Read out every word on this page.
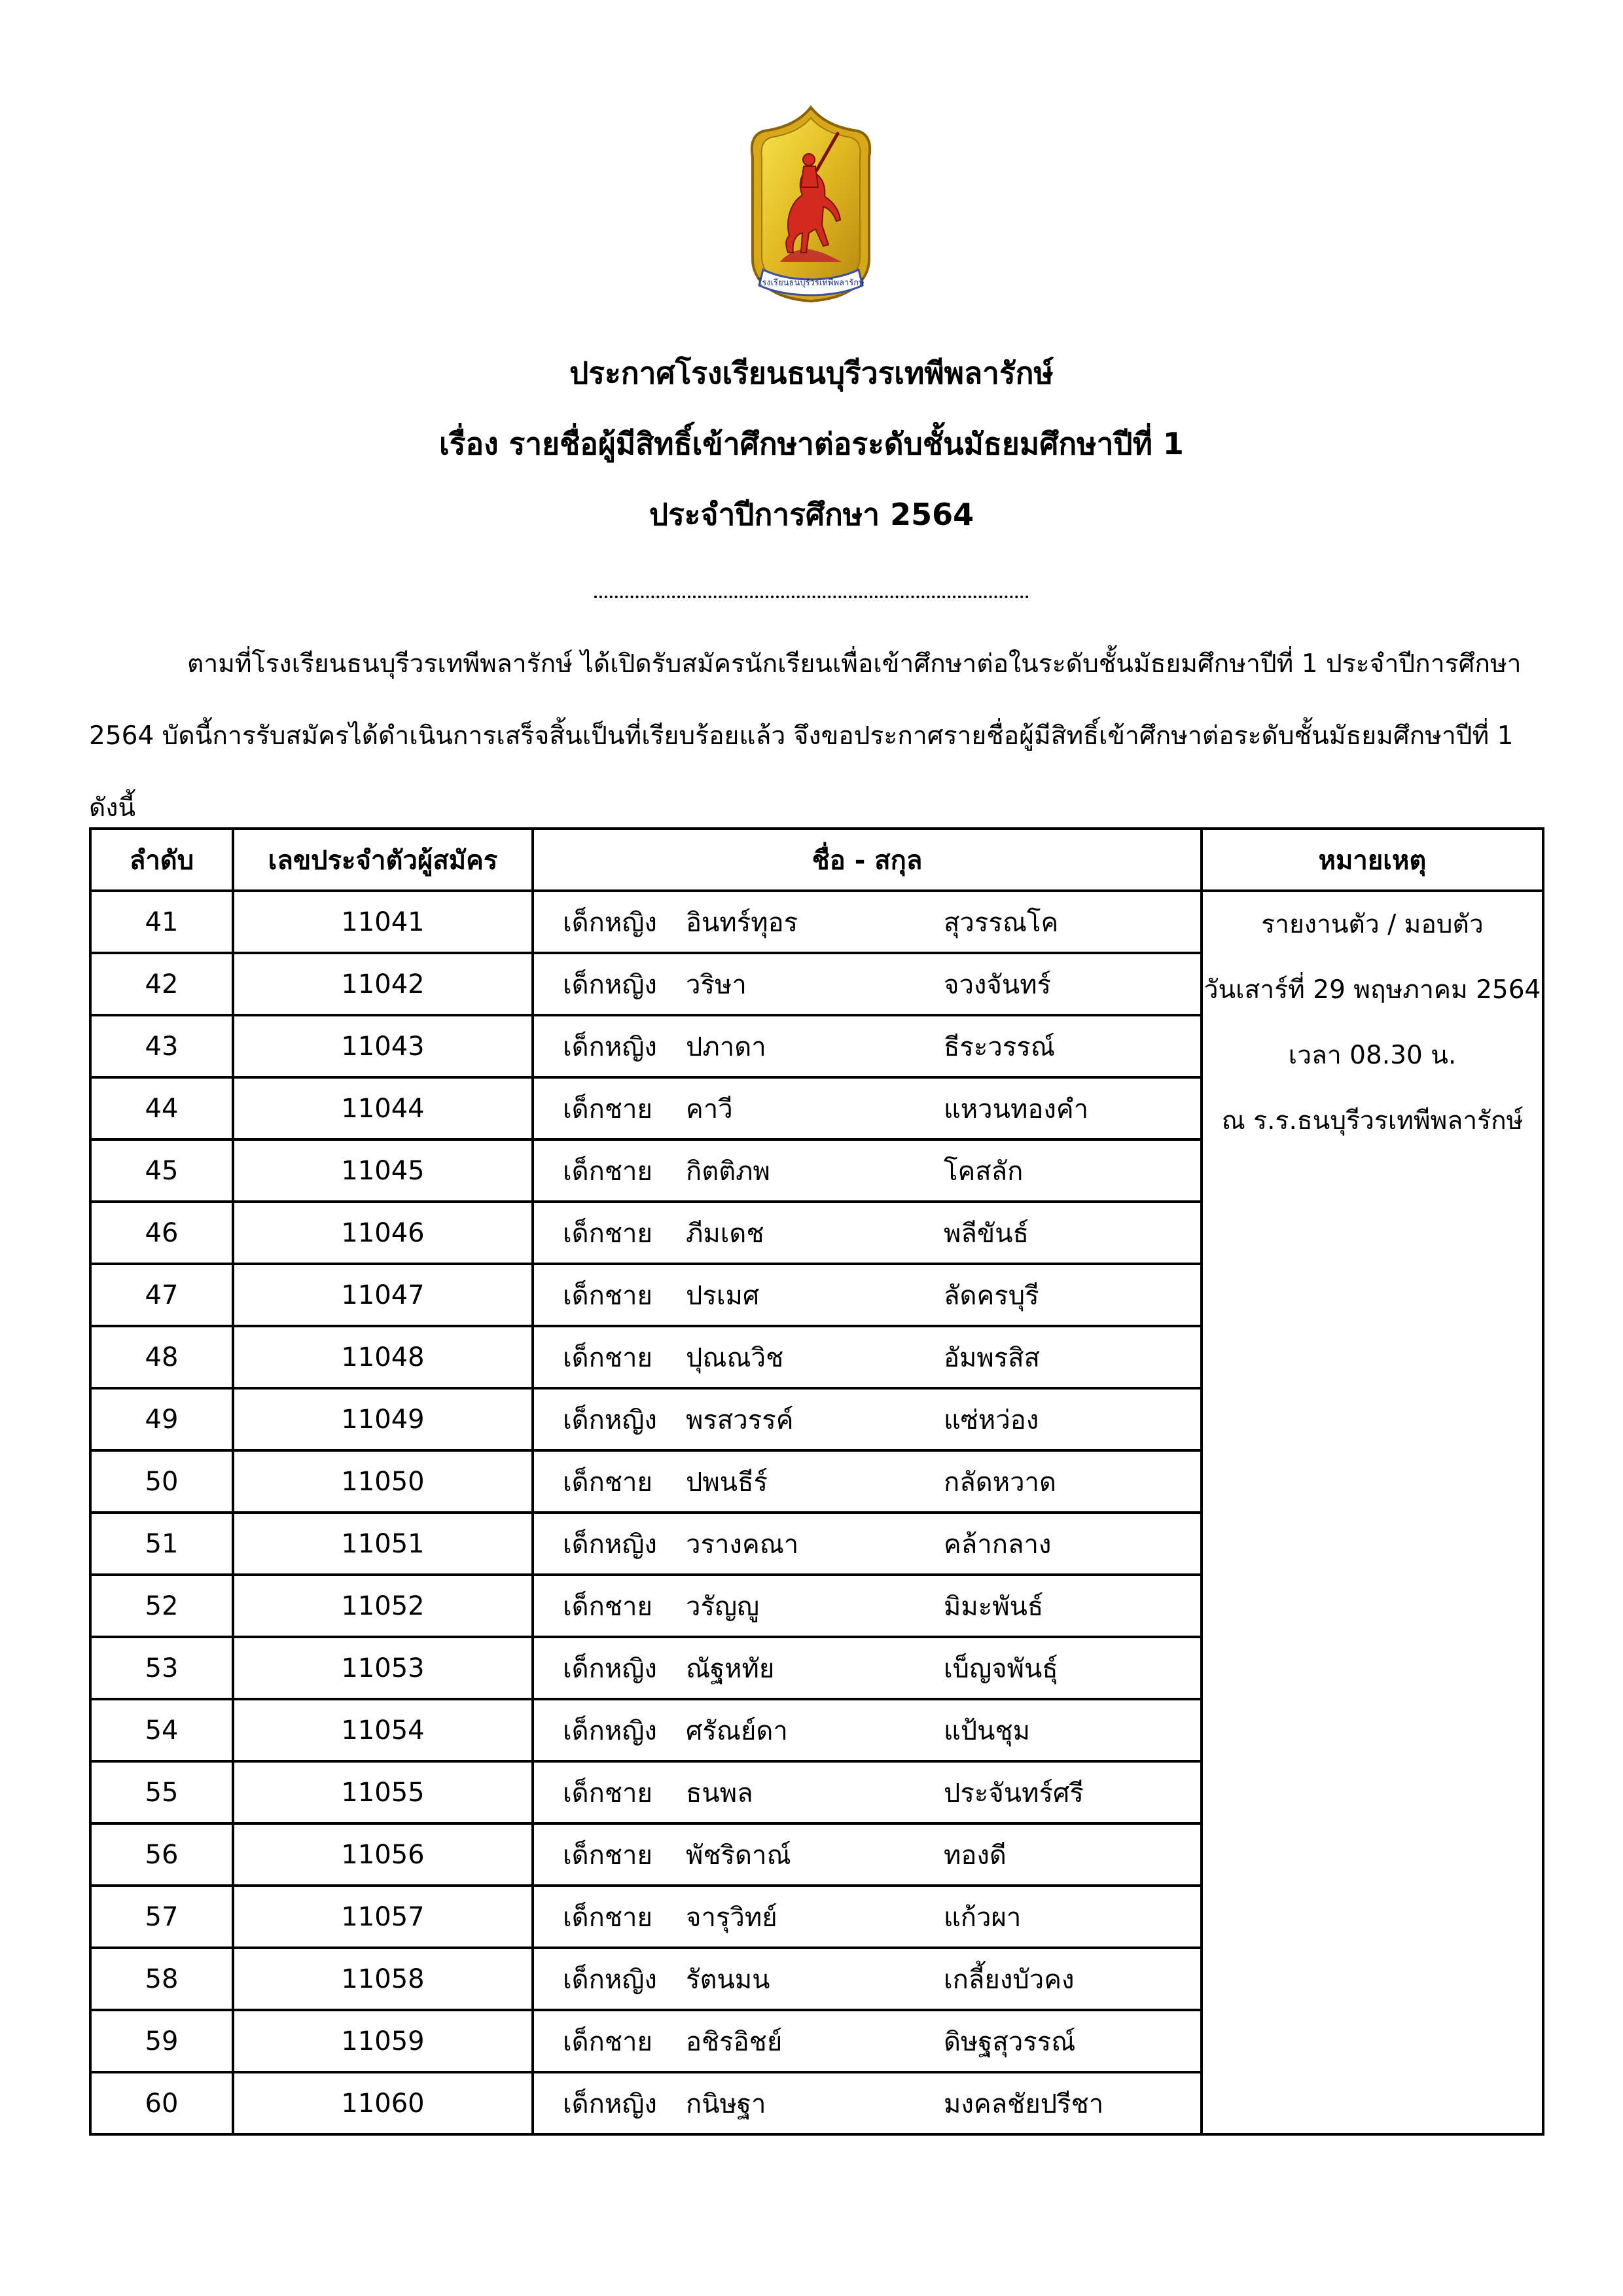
โรงเรียนธนบุรีวรเทพีพลารักษ์
ประกาศโรงเรียนธนบุรีวรเทพีพลารักษ์
เรื่อง รายชื่อผู้มีสิทธิ์เข้าศึกษาต่อระดับชั้นมัธยมศึกษาปีที่ 1
ประจำปีการศึกษา 2564
ตามที่โรงเรียนธนบุรีวรเทพีพลารักษ์ ได้เปิดรับสมัครนักเรียนเพื่อเข้าศึกษาต่อในระดับชั้นมัธยมศึกษาปีที่ 1 ประจำปีการศึกษา 2564 บัดนี้การรับสมัครได้ดำเนินการเสร็จสิ้นเป็นที่เรียบร้อยแล้ว จึงขอประกาศรายชื่อผู้มีสิทธิ์เข้าศึกษาต่อระดับชั้นมัธยมศึกษาปีที่ 1 ดังนี้
ลำดับ	เลขประจำตัวผู้สมัคร	ชื่อ - สกุล	หมายเหตุ
41	11041	เด็กหญิง อินทร์ทุอร สุวรรณโค	รายงานตัว / มอบตัว
วันเสาร์ที่ 29 พฤษภาคม 2564
เวลา 08.30 น.
ณ ร.ร.ธนบุรีวรเทพีพลารักษ์

42	11042	เด็กหญิง วริษา จวงจันทร์	
43	11043	เด็กหญิง ปภาดา ธีระวรรณ์	
44	11044	เด็กชาย คาวี แหวนทองคำ	
45	11045	เด็กชาย กิตติภพ โคสลัก	
46	11046	เด็กชาย ภีมเดช พลีขันธ์	
47	11047	เด็กชาย ปรเมศ ลัดครบุรี	
48	11048	เด็กชาย ปุณณวิช อัมพรสิส	
49	11049	เด็กหญิง พรสวรรค์ แซ่หว่อง	
50	11050	เด็กชาย ปพนธีร์ กลัดหวาด	
51	11051	เด็กหญิง วรางคณา คล้ากลาง	
52	11052	เด็กชาย วรัญญู มิมะพันธ์	
53	11053	เด็กหญิง ณัฐหทัย เบ็ญจพันธุ์	
54	11054	เด็กหญิง ศรัณย์ดา แป้นชุม	
55	11055	เด็กชาย ธนพล ประจันทร์ศรี	
56	11056	เด็กชาย พัชริดาณ์ ทองดี	
57	11057	เด็กชาย จารุวิทย์ แก้วผา	
58	11058	เด็กหญิง รัตนมน เกลี้ยงบัวคง	
59	11059	เด็กชาย อชิรอิชย์ ดิษฐสุวรรณ์	
60	11060	เด็กหญิง กนิษฐา มงคลชัยปรีชา	
